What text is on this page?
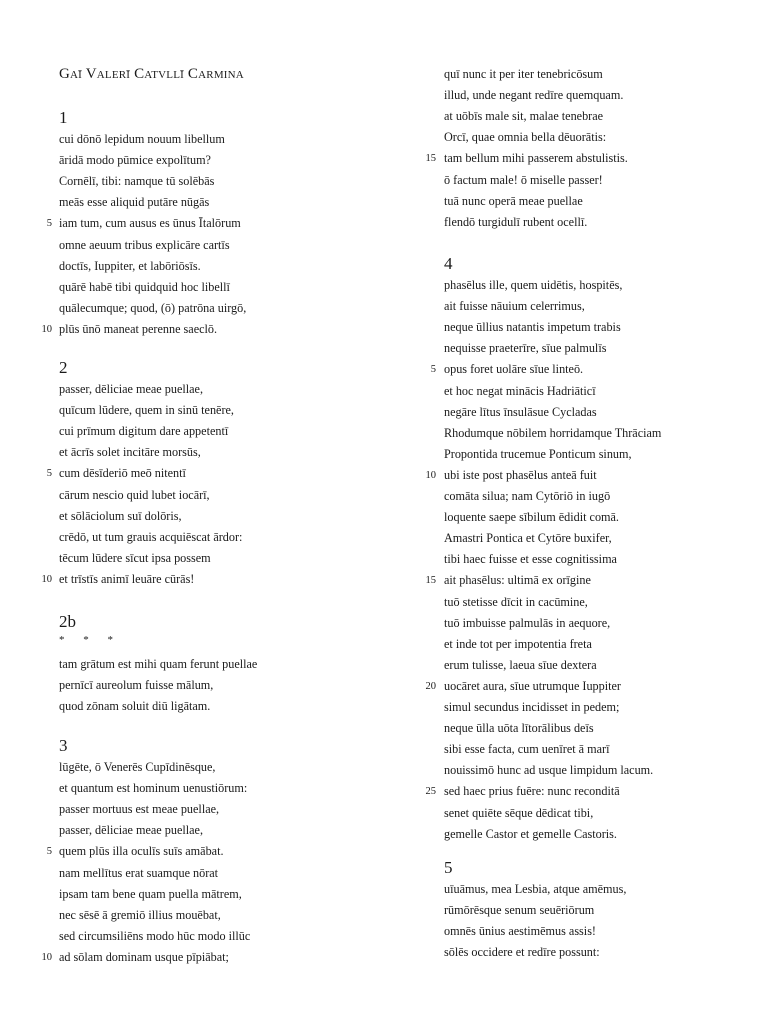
Gaī Valerī Catvllī Carmina
1
cui dōnō lepidum nouum libellum
āridā modo pūmice expolītum?
Cornēlī, tibi: namque tū solēbās
meās esse aliquid putāre nūgās
iam tum, cum ausus es ūnus Ītalōrum
5
omne aeuum tribus explicāre cartīs
doctīs, Iuppiter, et labōriōsīs.
quārē habē tibi quidquid hoc libellī
quālecumque; quod, (ō) patrōna uirgō,
plūs ūnō maneat perenne saeclō.
10
2
passer, dēliciae meae puellae,
quīcum lūdere, quem in sinū tenēre,
cui prīmum digitum dare appetentī
et ācrīs solet incitāre morsūs,
cum dēsīderiō meō nitentī
5
cārum nescio quid lubet iocārī,
et sōlāciolum suī dolōris,
crēdō, ut tum grauis acquiēscat ārdor:
tēcum lūdere sīcut ipsa possem
et trīstīs animī leuāre cūrās!
10
2b
* * *
tam grātum est mihi quam ferunt puellae
pernīcī aureolum fuisse mālum,
quod zōnam soluit diū ligātam.
3
lūgēte, ō Venerēs Cupīdinēsque,
et quantum est hominum uenustiōrum:
passer mortuus est meae puellae,
passer, dēliciae meae puellae,
quem plūs illa oculīs suīs amābat.
5
nam mellītus erat suamque nōrat
ipsam tam bene quam puella mātrem,
nec sēsē ā gremiō illius mouēbat,
sed circumsiliēns modo hūc modo illūc
ad sōlam dominam usque pīpiābat;
10
quī nunc it per iter tenebricōsum
illud, unde negant redīre quemquam.
at uōbīs male sit, malae tenebrae
Orcī, quae omnia bella dēuorātis:
tam bellum mihi passerem abstulistis.
15
ō factum male! ō miselle passer!
tuā nunc operā meae puellae
flendō turgidulī rubent ocellī.
4
phasēlus ille, quem uidētis, hospitēs,
ait fuisse nāuium celerrimus,
neque ūllius natantis impetum trabis
nequisse praeterīre, sīue palmulīs
opus foret uolāre sīue linteō.
5
et hoc negat minācis Hadriāticī
negāre lītus īnsulāsue Cycladas
Rhodumque nōbilem horridamque Thrāciam
Propontida trucemue Ponticum sinum,
ubi iste post phasēlus anteā fuit
10
comāta silua; nam Cytōriō in iugō
loquente saepe sībilum ēdidit comā.
Amastri Pontica et Cytōre buxifer,
tibi haec fuisse et esse cognitissima
ait phasēlus: ultimā ex orīgine
15
tuō stetisse dīcit in cacūmine,
tuō imbuisse palmulās in aequore,
et inde tot per impotentia freta
erum tulisse, laeua sīue dextera
uocāret aura, sīue utrumque Iuppiter
20
simul secundus incidisset in pedem;
neque ūlla uōta lītorālibus deīs
sibi esse facta, cum uenīret ā marī
nouissimō hunc ad usque limpidum lacum.
sed haec prius fuēre: nunc reconditā
25
senet quiēte sēque dēdicat tibi,
gemelle Castor et gemelle Castoris.
5
uīuāmus, mea Lesbia, atque amēmus,
rūmōrēsque senum seuēriōrum
omnēs ūnius aestimēmus assis!
sōlēs occidere et redīre possunt:
